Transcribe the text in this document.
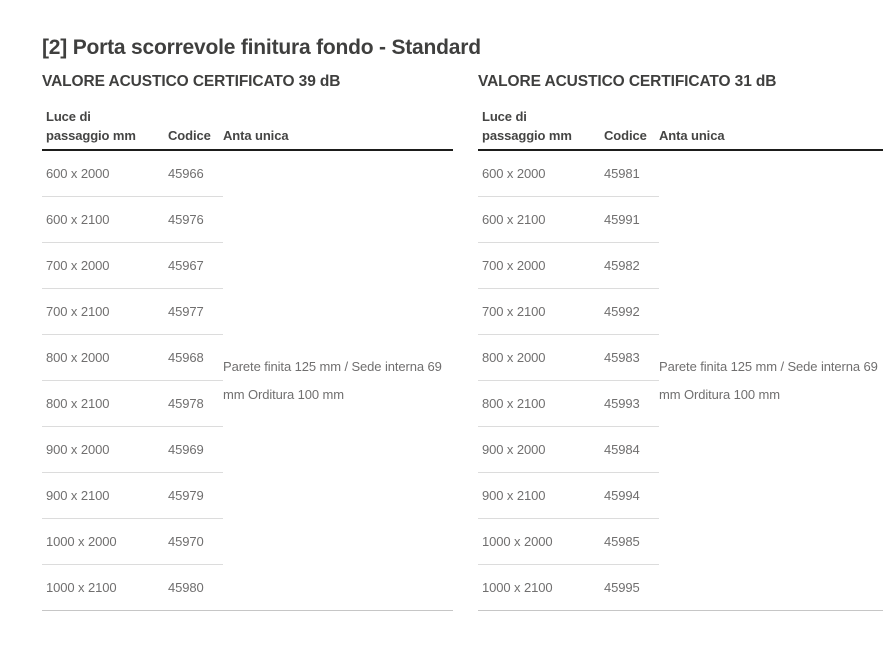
[2] Porta scorrevole finitura fondo - Standard
VALORE ACUSTICO CERTIFICATO 39 dB
Luce di
passaggio mm	Codice	Anta unica
600 x 2000	45966	Parete finita 125 mm / Sede interna 69 mm Orditura 100 mm

600 x 2100	45976	
700 x 2000	45967	
700 x 2100	45977	
800 x 2000	45968	
800 x 2100	45978	
900 x 2000	45969	
900 x 2100	45979	
1000 x 2000	45970	
1000 x 2100	45980	
VALORE ACUSTICO CERTIFICATO 31 dB
Luce di
passaggio mm	Codice	Anta unica
600 x 2000	45981	Parete finita 125 mm / Sede interna 69 mm Orditura 100 mm

600 x 2100	45991	
700 x 2000	45982	
700 x 2100	45992	
800 x 2000	45983	
800 x 2100	45993	
900 x 2000	45984	
900 x 2100	45994	
1000 x 2000	45985	
1000 x 2100	45995	
